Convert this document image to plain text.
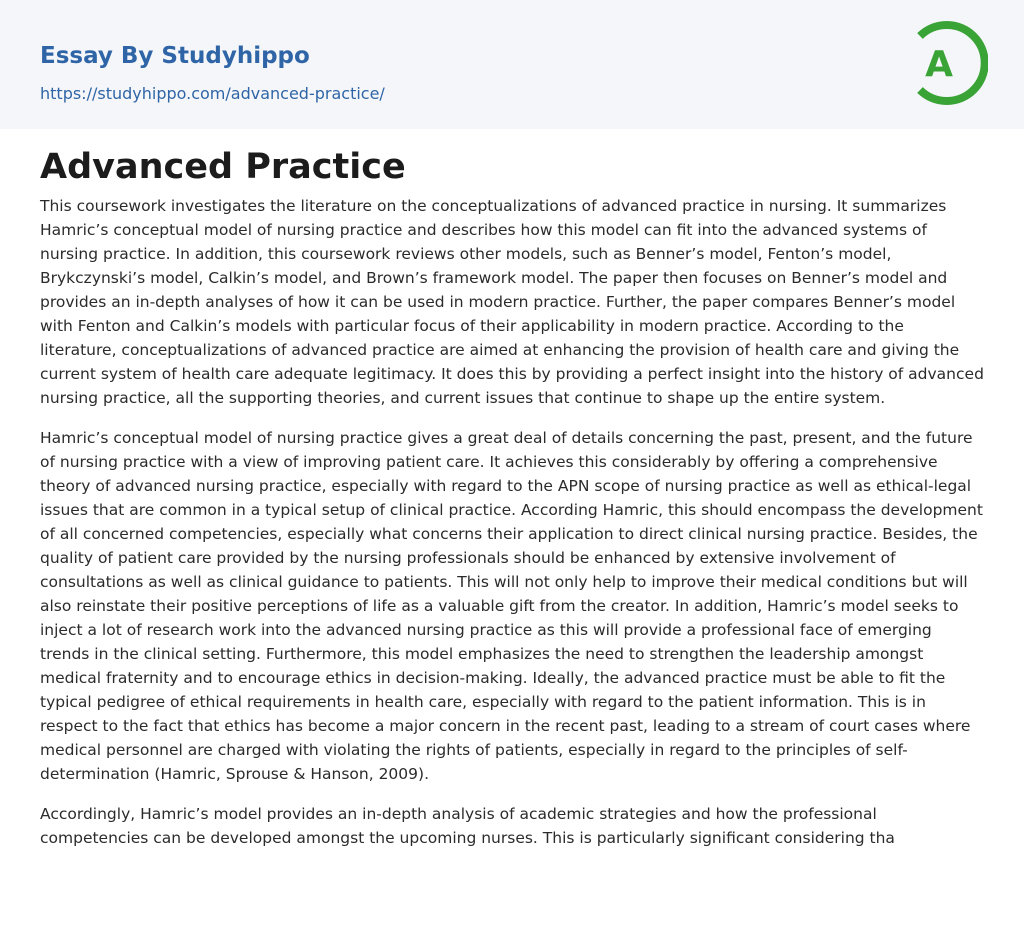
Essay By Studyhippo
https://studyhippo.com/advanced-practice/
A
Advanced Practice

This coursework investigates the literature on the conceptualizations of advanced practice in nursing. It summarizes Hamric’s conceptual model of nursing practice and describes how this model can fit into the advanced systems of nursing practice. In addition, this coursework reviews other models, such as Benner’s model, Fenton’s model, Brykczynski’s model, Calkin’s model, and Brown’s framework model. The paper then focuses on Benner’s model and provides an in-depth analyses of how it can be used in modern practice. Further, the paper compares Benner’s model with Fenton and Calkin’s models with particular focus of their applicability in modern practice. According to the literature, conceptualizations of advanced practice are aimed at enhancing the provision of health care and giving the current system of health care adequate legitimacy. It does this by providing a perfect insight into the history of advanced nursing practice, all the supporting theories, and current issues that continue to shape up the entire system.

Hamric’s conceptual model of nursing practice gives a great deal of details concerning the past, present, and the future of nursing practice with a view of improving patient care. It achieves this considerably by offering a comprehensive theory of advanced nursing practice, especially with regard to the APN scope of nursing practice as well as ethical-legal issues that are common in a typical setup of clinical practice. According Hamric, this should encompass the development of all concerned competencies, especially what concerns their application to direct clinical nursing practice. Besides, the quality of patient care provided by the nursing professionals should be enhanced by extensive involvement of consultations as well as clinical guidance to patients. This will not only help to improve their medical conditions but will also reinstate their positive perceptions of life as a valuable gift from the creator. In addition, Hamric’s model seeks to inject a lot of research work into the advanced nursing practice as this will provide a professional face of emerging trends in the clinical setting. Furthermore, this model emphasizes the need to strengthen the leadership amongst medical fraternity and to encourage ethics in decision-making. Ideally, the advanced practice must be able to fit the typical pedigree of ethical requirements in health care, especially with regard to the patient information. This is in respect to the fact that ethics has become a major concern in the recent past, leading to a stream of court cases where medical personnel are charged with violating the rights of patients, especially in regard to the principles of self-determination (Hamric, Sprouse & Hanson, 2009).

Accordingly, Hamric’s model provides an in-depth analysis of academic strategies and how the professional competencies can be developed amongst the upcoming nurses. This is particularly significant considering tha
